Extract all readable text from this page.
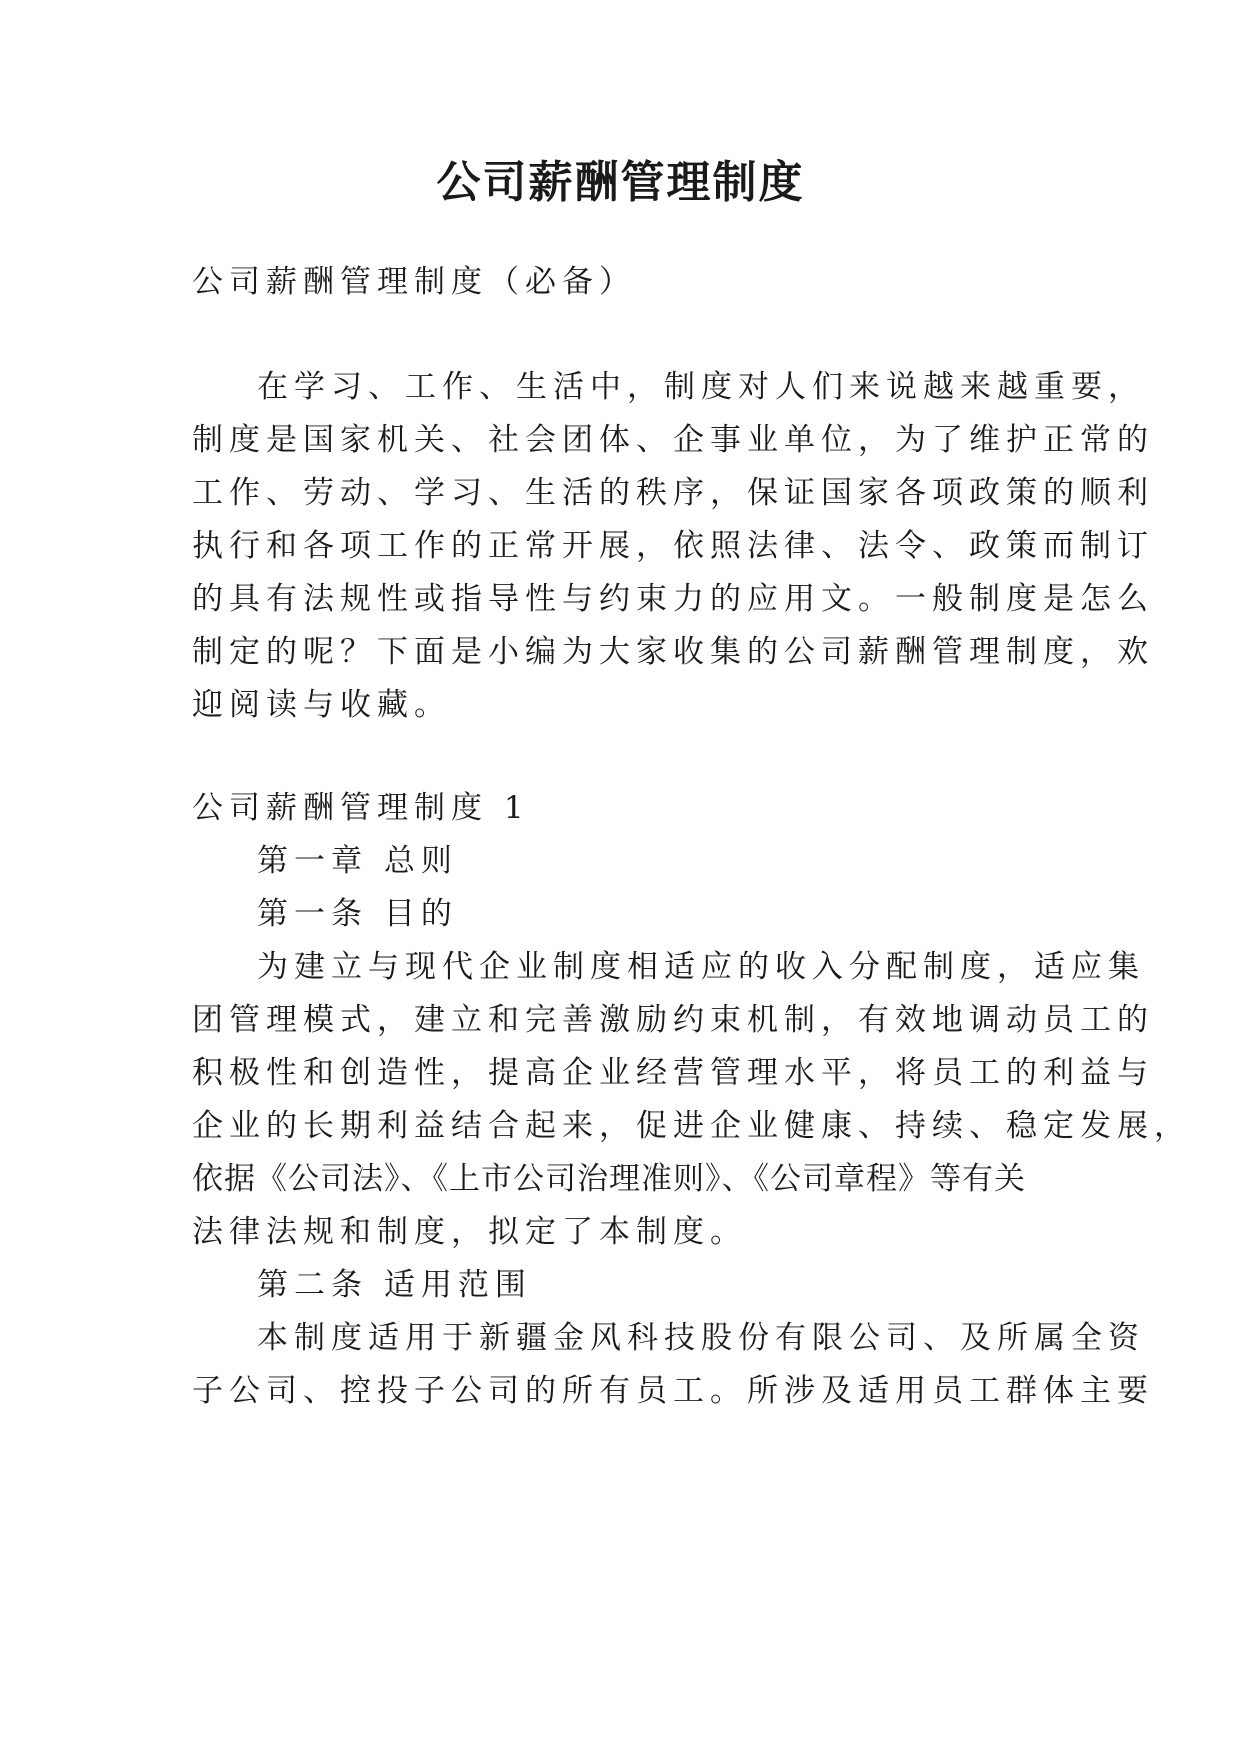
公司薪酬管理制度

公司薪酬管理制度（必备）

在学习、工作、生活中，制度对人们来说越来越重要，

制度是国家机关、社会团体、企事业单位，为了维护正常的

工作、劳动、学习、生活的秩序，保证国家各项政策的顺利

执行和各项工作的正常开展，依照法律、法令、政策而制订

的具有法规性或指导性与约束力的应用文。一般制度是怎么

制定的呢？下面是小编为大家收集的公司薪酬管理制度，欢

迎阅读与收藏。

公司薪酬管理制度 1

第一章 总则

第一条 目的

为建立与现代企业制度相适应的收入分配制度，适应集

团管理模式，建立和完善激励约束机制，有效地调动员工的

积极性和创造性，提高企业经营管理水平，将员工的利益与

企业的长期利益结合起来，促进企业健康、持续、稳定发展，

依据《公司法》、《上市公司治理准则》、《公司章程》等有关

法律法规和制度，拟定了本制度。

第二条 适用范围

本制度适用于新疆金风科技股份有限公司、及所属全资

子公司、控投子公司的所有员工。所涉及适用员工群体主要
